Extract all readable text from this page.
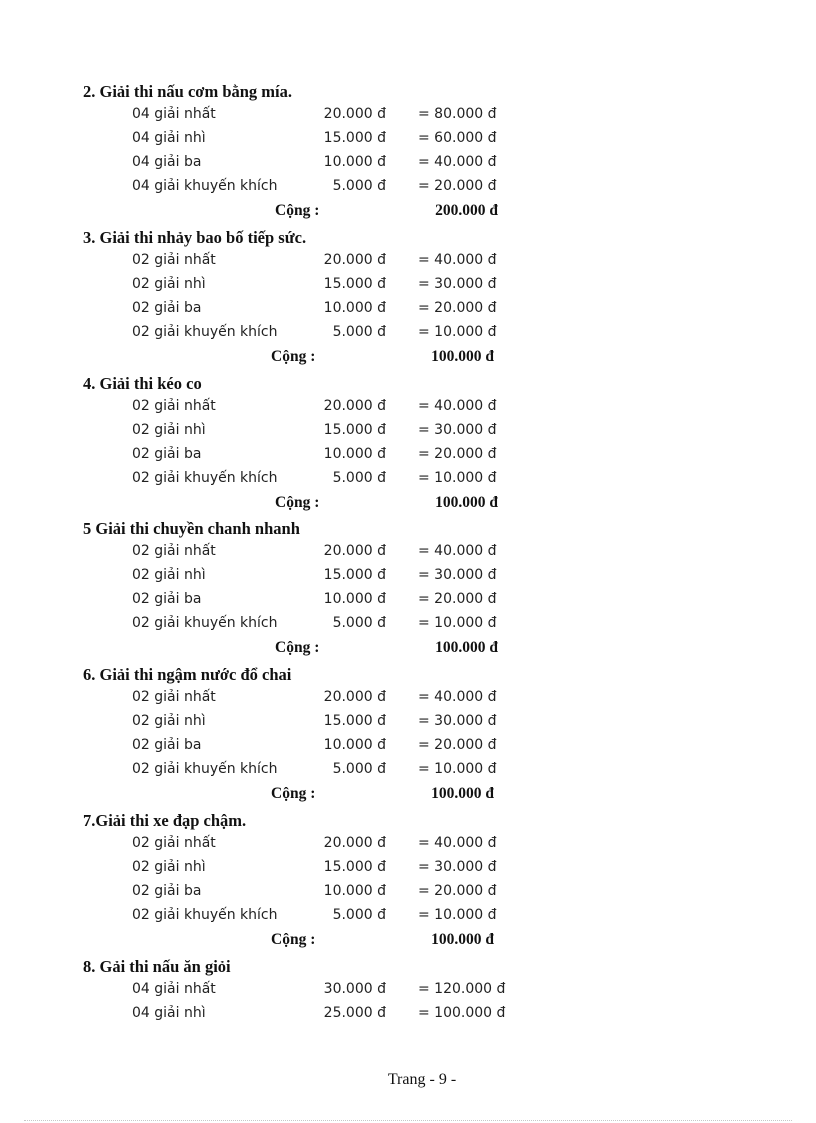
2. Giải thi nấu cơm bằng mía.
04 giải nhất	20.000 đ = 80.000 đ
04 giải nhì	15.000 đ = 60.000 đ
04 giải ba	10.000 đ = 40.000 đ
04 giải khuyến khích	5.000 đ = 20.000 đ
Cộng :	200.000 đ
3. Giải thi nhảy bao bố tiếp sức.
02 giải nhất	20.000 đ = 40.000 đ
02 giải nhì	15.000 đ = 30.000 đ
02 giải ba	10.000 đ = 20.000 đ
02 giải khuyến khích	5.000 đ = 10.000 đ
Cộng :	100.000 đ
4. Giải thi kéo co
02 giải nhất	20.000 đ = 40.000 đ
02 giải nhì	15.000 đ = 30.000 đ
02 giải ba	10.000 đ = 20.000 đ
02 giải khuyến khích	5.000 đ = 10.000 đ
Cộng :	100.000 đ
5 Giải thi chuyền chanh nhanh
02 giải nhất	20.000 đ = 40.000 đ
02 giải nhì	15.000 đ = 30.000 đ
02 giải ba	10.000 đ = 20.000 đ
02 giải khuyến khích	5.000 đ = 10.000 đ
Cộng :	100.000 đ
6. Giải thi ngậm nước đổ chai
02 giải nhất	20.000 đ = 40.000 đ
02 giải nhì	15.000 đ = 30.000 đ
02 giải ba	10.000 đ = 20.000 đ
02 giải khuyến khích	5.000 đ = 10.000 đ
Cộng :	100.000 đ
7.Giải thi xe đạp chậm.
02 giải nhất	20.000 đ = 40.000 đ
02 giải nhì	15.000 đ = 30.000 đ
02 giải ba	10.000 đ = 20.000 đ
02 giải khuyến khích	5.000 đ = 10.000 đ
Cộng :	100.000 đ
8. Gải thi nấu ăn giỏi
04 giải nhất	30.000 đ = 120.000 đ
04 giải nhì	25.000 đ = 100.000 đ
Trang - 9 -
